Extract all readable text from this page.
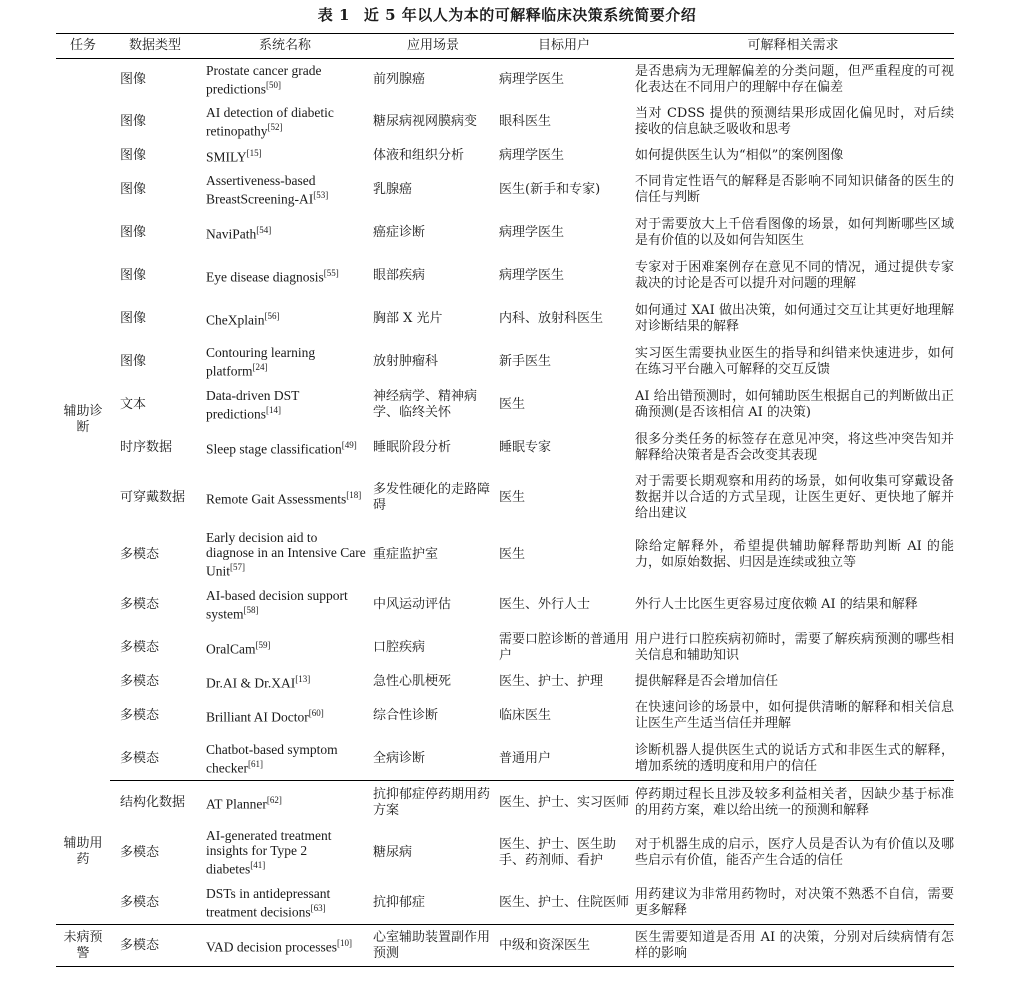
表 1 近 5 年以人为本的可解释临床决策系统简要介绍
任务	数据类型	系统名称	应用场景	目标用户	可解释相关需求
辅助诊断	图像	Prostate cancer grade predictions[50]	前列腺癌	病理学医生	是否患病为无理解偏差的分类问题，但严重程度的可视化表达在不同用户的理解中存在偏差
	图像	AI detection of diabetic retinopathy[52]	糖尿病视网膜病变	眼科医生	当对 CDSS 提供的预测结果形成固化偏见时，对后续接收的信息缺乏吸收和思考
	图像	SMILY[15]	体液和组织分析	病理学医生	如何提供医生认为“相似”的案例图像
	图像	Assertiveness-based BreastScreening-AI[53]	乳腺癌	医生(新手和专家)	不同肯定性语气的解释是否影响不同知识储备的医生的信任与判断
	图像	NaviPath[54]	癌症诊断	病理学医生	对于需要放大上千倍看图像的场景，如何判断哪些区域是有价值的以及如何告知医生
	图像	Eye disease diagnosis[55]	眼部疾病	病理学医生	专家对于困难案例存在意见不同的情况，通过提供专家裁决的讨论是否可以提升对问题的理解
	图像	CheXplain[56]	胸部 X 光片	内科、放射科医生	如何通过 XAI 做出决策，如何通过交互让其更好地理解对诊断结果的解释
	图像	Contouring learning platform[24]	放射肿瘤科	新手医生	实习医生需要执业医生的指导和纠错来快速进步，如何在练习平台融入可解释的交互反馈
	文本	Data-driven DST predictions[14]	神经病学、精神病学、临终关怀	医生	AI 给出错预测时，如何辅助医生根据自己的判断做出正确预测(是否该相信 AI 的决策)
	时序数据	Sleep stage classification[49]	睡眠阶段分析	睡眠专家	很多分类任务的标签存在意见冲突，将这些冲突告知并解释给决策者是否会改变其表现
	可穿戴数据	Remote Gait Assessments[18]	多发性硬化的走路障碍	医生	对于需要长期观察和用药的场景，如何收集可穿戴设备数据并以合适的方式呈现，让医生更好、更快地了解并给出建议
	多模态	Early decision aid to diagnose in an Intensive Care Unit[57]	重症监护室	医生	除给定解释外，希望提供辅助解释帮助判断 AI 的能力，如原始数据、归因是连续或独立等
	多模态	AI-based decision support system[58]	中风运动评估	医生、外行人士	外行人士比医生更容易过度依赖 AI 的结果和解释
	多模态	OralCam[59]	口腔疾病	需要口腔诊断的普通用户	用户进行口腔疾病初筛时，需要了解疾病预测的哪些相关信息和辅助知识
	多模态	Dr.AI & Dr.XAI[13]	急性心肌梗死	医生、护士、护理	提供解释是否会增加信任
	多模态	Brilliant AI Doctor[60]	综合性诊断	临床医生	在快速问诊的场景中，如何提供清晰的解释和相关信息让医生产生适当信任并理解
	多模态	Chatbot-based symptom checker[61]	全病诊断	普通用户	诊断机器人提供医生式的说话方式和非医生式的解释，增加系统的透明度和用户的信任
辅助用药	结构化数据	AT Planner[62]	抗抑郁症停药期用药方案	医生、护士、实习医师	停药期过程长且涉及较多利益相关者，因缺少基于标准的用药方案，难以给出统一的预测和解释
	多模态	AI-generated treatment insights for Type 2 diabetes[41]	糖尿病	医生、护士、医生助手、药剂师、看护	对于机器生成的启示，医疗人员是否认为有价值以及哪些启示有价值，能否产生合适的信任
	多模态	DSTs in antidepressant treatment decisions[63]	抗抑郁症	医生、护士、住院医师	用药建议为非常用药物时，对决策不熟悉不自信，需要更多解释
未病预警	多模态	VAD decision processes[10]	心室辅助装置副作用预测	中级和资深医生	医生需要知道是否用 AI 的决策，分别对后续病情有怎样的影响
